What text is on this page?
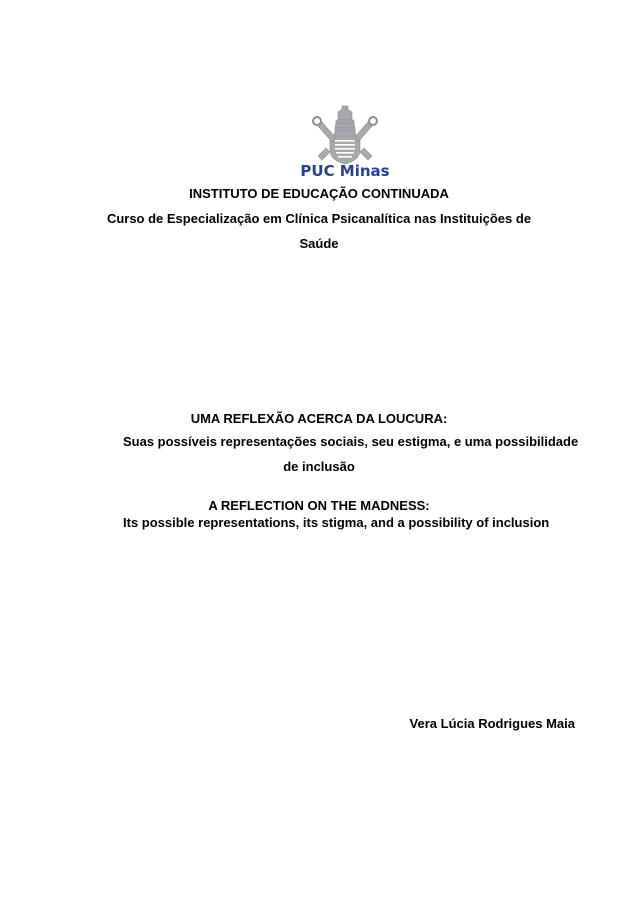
PUC Minas
INSTITUTO DE EDUCAÇÃO CONTINUADA
Curso de Especialização em Clínica Psicanalítica nas Instituições de
Saúde
UMA REFLEXÃO ACERCA DA LOUCURA:
Suas possíveis representações sociais, seu estigma, e uma possibilidade
de inclusão
A REFLECTION ON THE MADNESS:
Its possible representations, its stigma, and a possibility of inclusion
Vera Lúcia Rodrigues Maia
